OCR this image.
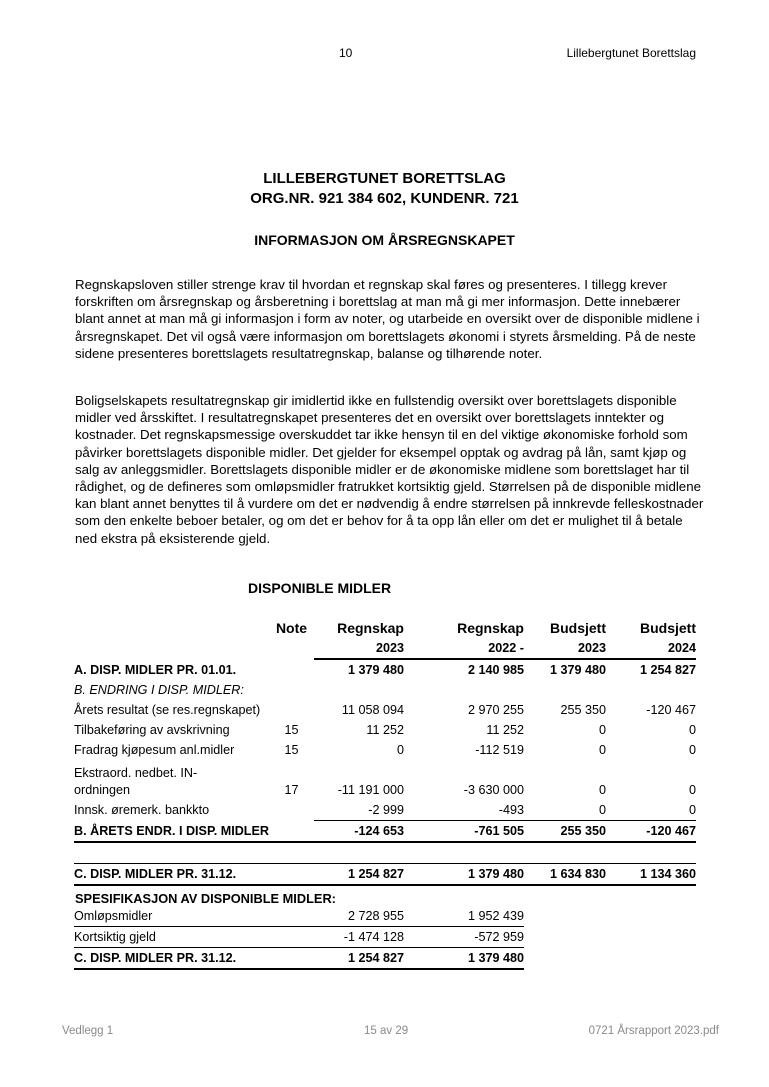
10	Lillebergtunet Borettslag
LILLEBERGTUNET BORETTSLAG
ORG.NR. 921 384 602, KUNDENR. 721
INFORMASJON OM ÅRSREGNSKAPET
Regnskapsloven stiller strenge krav til hvordan et regnskap skal føres og presenteres. I tillegg krever forskriften om årsregnskap og årsberetning i borettslag at man må gi mer informasjon. Dette innebærer blant annet at man må gi informasjon i form av noter, og utarbeide en oversikt over de disponible midlene i årsregnskapet. Det vil også være informasjon om borettslagets økonomi i styrets årsmelding. På de neste sidene presenteres borettslagets resultatregnskap, balanse og tilhørende noter.
Boligselskapets resultatregnskap gir imidlertid ikke en fullstendig oversikt over borettslagets disponible midler ved årsskiftet. I resultatregnskapet presenteres det en oversikt over borettslagets inntekter og kostnader. Det regnskapsmessige overskuddet tar ikke hensyn til en del viktige økonomiske forhold som påvirker borettslagets disponible midler. Det gjelder for eksempel opptak og avdrag på lån, samt kjøp og salg av anleggsmidler. Borettslagets disponible midler er de økonomiske midlene som borettslaget har til rådighet, og de defineres som omløpsmidler fratrukket kortsiktig gjeld. Størrelsen på de disponible midlene kan blant annet benyttes til å vurdere om det er nødvendig å endre størrelsen på innkrevde felleskostnader som den enkelte beboer betaler, og om det er behov for å ta opp lån eller om det er mulighet til å betale ned ekstra på eksisterende gjeld.
DISPONIBLE MIDLER
	Note	Regnskap	Regnskap	Budsjett	Budsjett
		2023	2022 -	2023	2024
A. DISP. MIDLER PR. 01.01.		1 379 480	2 140 985	1 379 480	1 254 827
B. ENDRING I DISP. MIDLER:					
Årets resultat (se res.regnskapet)		11 058 094	2 970 255	255 350	-120 467
Tilbakeføring av avskrivning	15	11 252	11 252	0	0
Fradrag kjøpesum anl.midler	15	0	-112 519	0	0
Ekstraord. nedbet. IN-					
ordningen	17	-11 191 000	-3 630 000	0	0
Innsk. øremerk. bankkto		-2 999	-493	0	0
B. ÅRETS ENDR. I DISP. MIDLER		-124 653	-761 505	255 350	-120 467

C. DISP. MIDLER PR. 31.12.		1 254 827	1 379 480	1 634 830	1 134 360
SPESIFIKASJON AV DISPONIBLE MIDLER:
Omløpsmidler	2 728 955	1 952 439
Kortsiktig gjeld	-1 474 128	-572 959
C. DISP. MIDLER PR. 31.12.	1 254 827	1 379 480
Vedlegg 1	15 av 29	0721 Årsrapport 2023.pdf
